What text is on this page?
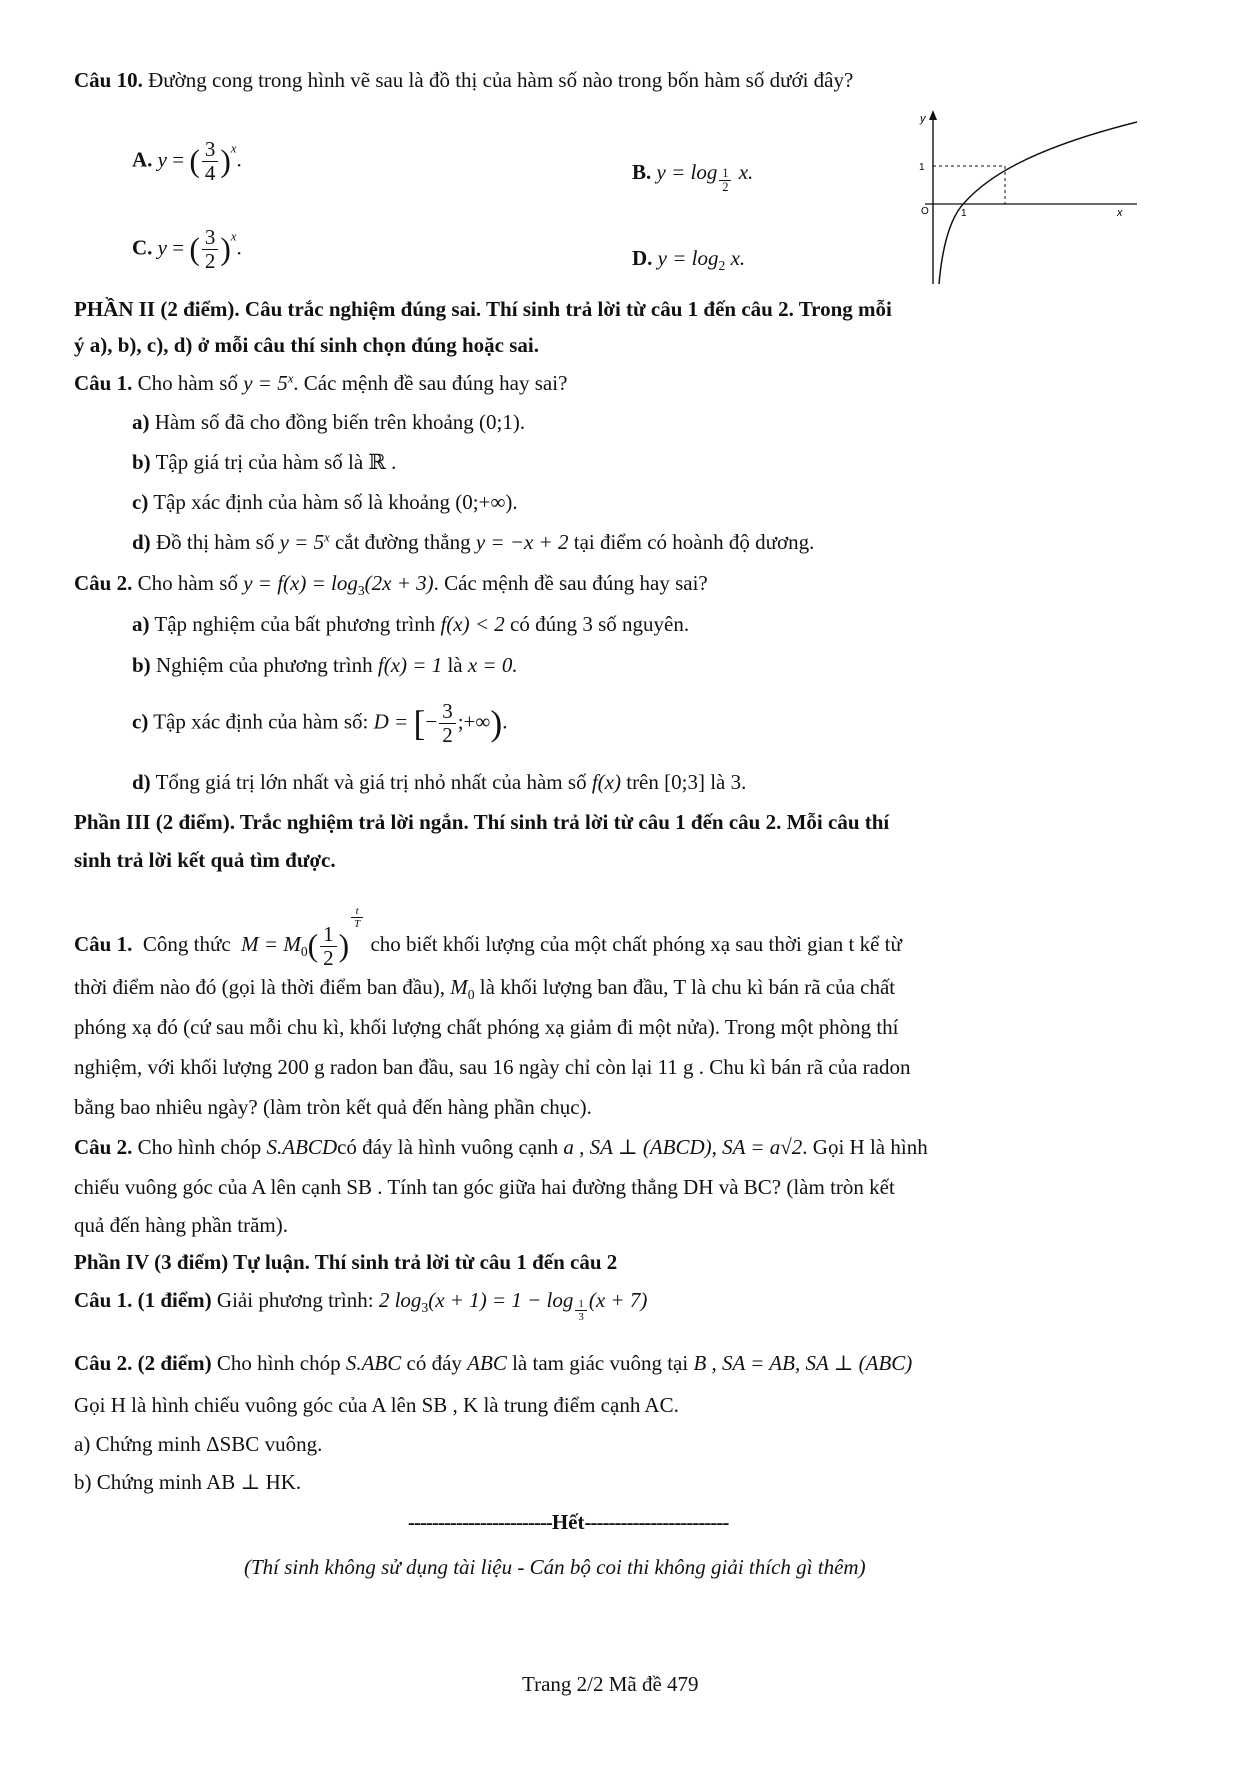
Câu 10. Đường cong trong hình vẽ sau là đồ thị của hàm số nào trong bốn hàm số dưới đây?
A. y = ( $\frac{3}{4} )^x$.
B. $y = \log \frac{1}{2} x$.
C. y = ( $\frac{3}{2} )^x$.	D. $y = \log_2 x$.
y
x
O	1
1
PHẦN II (2 điểm). Câu trắc nghiệm đúng sai. Thí sinh trả lời từ câu 1 đến câu 2. Trong mỗi
ý a), b), c), d) ở mỗi câu thí sinh chọn đúng hoặc sai.
Câu 1. Cho hàm số $y = 5^x$. Các mệnh đề sau đúng hay sai?
a) Hàm số đã cho đồng biến trên khoảng (0;1).
b) Tập giá trị của hàm số là ℝ .
c) Tập xác định của hàm số là khoảng (0;+∞).
d) Đồ thị hàm số $y = 5^x$ cắt đường thẳng y = −x + 2 tại điểm có hoành độ dương.
Câu 2. Cho hàm số $y = f(x) = \log_3(2x + 3)$. Các mệnh đề sau đúng hay sai?
a) Tập nghiệm của bất phương trình f(x) < 2 có đúng 3 số nguyên.
b) Nghiệm của phương trình f(x) = 1 là x = 0.
c) Tập xác định của hàm số: D = [− $\frac{3}{2}$ ;+∞).
d) Tổng giá trị lớn nhất và giá trị nhỏ nhất của hàm số f(x) trên [0;3] là 3.
Phần III (2 điểm). Trắc nghiệm trả lời ngắn. Thí sinh trả lời từ câu 1 đến câu 2. Mỗi câu thí
sinh trả lời kết quả tìm được.
Câu 1. Công thức $M = M_0( \frac{1}{2}$ )
$\frac{t}{T}$
cho biết khối lượng của một chất phóng xạ sau thời gian t kể từ
thời điểm nào đó (gọi là thời điểm ban đầu), $M_0$ là khối lượng ban đầu, T là chu kì bán rã của chất
phóng xạ đó (cứ sau mỗi chu kì, khối lượng chất phóng xạ giảm đi một nửa). Trong một phòng thí
nghiệm, với khối lượng 200 g radon ban đầu, sau 16 ngày chỉ còn lại 11 g . Chu kì bán rã của radon
bằng bao nhiêu ngày? (làm tròn kết quả đến hàng phần chục).
Câu 2. Cho hình chóp S.ABCDcó đáy là hình vuông cạnh a , SA ⊥ (ABCD), SA = a√2. Gọi H là hình
chiếu vuông góc của A lên cạnh SB . Tính tan góc giữa hai đường thẳng DH và BC? (làm tròn kết
quả đến hàng phần trăm).
Phần IV (3 điểm) Tự luận. Thí sinh trả lời từ câu 1 đến câu 2
Câu 1. (1 điểm) Giải phương trình: 2 $\log_3(x + 1) = 1 - \log \frac{1}{3} (x + 7)$
Câu 2. (2 điểm) Cho hình chóp S.ABC có đáy ABC là tam giác vuông tại B , SA = AB, SA ⊥ (ABC)
Gọi H là hình chiếu vuông góc của A lên SB , K là trung điểm cạnh AC.
a) Chứng minh ΔSBC vuông.
b) Chứng minh AB ⊥ HK.
------------------------Hết------------------------
(Thí sinh không sử dụng tài liệu - Cán bộ coi thi không giải thích gì thêm)
Trang 2/2 Mã đề 479
